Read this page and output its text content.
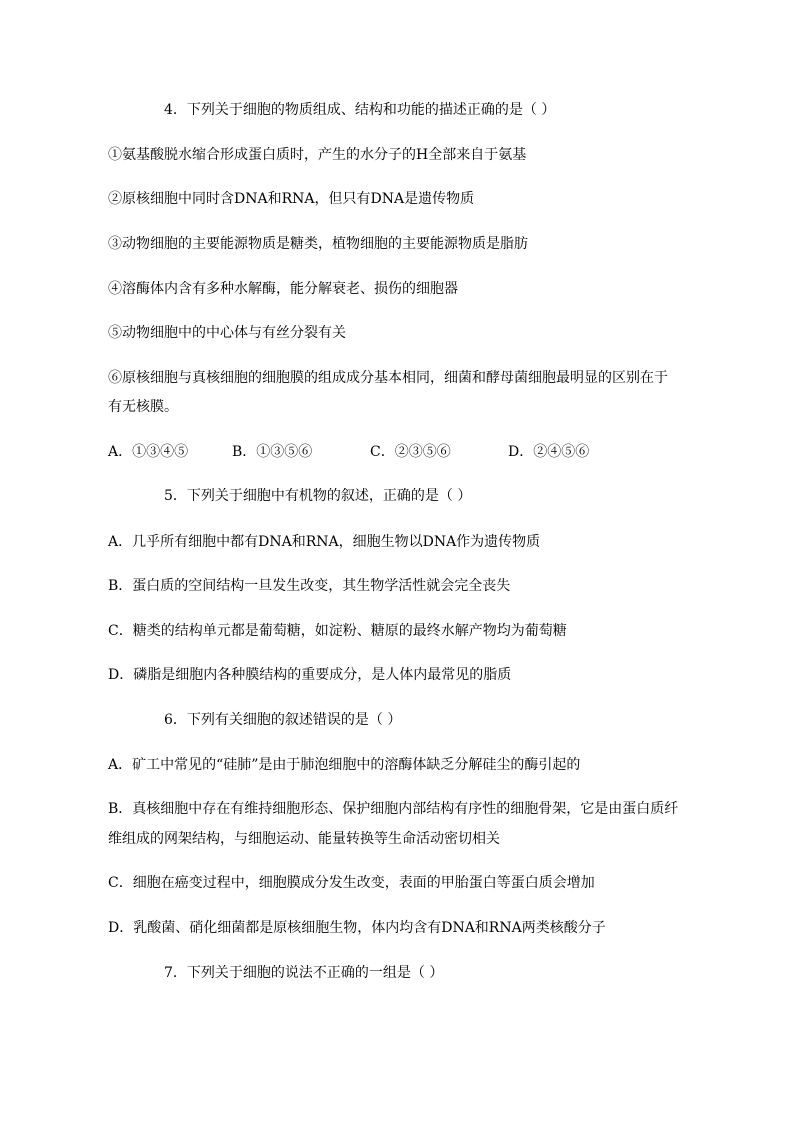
4．下列关于细胞的物质组成、结构和功能的描述正确的是（ ）
①氨基酸脱水缩合形成蛋白质时，产生的水分子的H全部来自于氨基
②原核细胞中同时含DNA和RNA，但只有DNA是遗传物质
③动物细胞的主要能源物质是糖类，植物细胞的主要能源物质是脂肪
④溶酶体内含有多种水解酶，能分解衰老、损伤的细胞器
⑤动物细胞中的中心体与有丝分裂有关
⑥原核细胞与真核细胞的细胞膜的组成成分基本相同，细菌和酵母菌细胞最明显的区别在于
有无核膜。
A．①③④⑤	B．①③⑤⑥	C．②③⑤⑥	D．②④⑤⑥
5．下列关于细胞中有机物的叙述，正确的是（ ）
A．几乎所有细胞中都有DNA和RNA，细胞生物以DNA作为遗传物质
B．蛋白质的空间结构一旦发生改变，其生物学活性就会完全丧失
C．糖类的结构单元都是葡萄糖，如淀粉、糖原的最终水解产物均为葡萄糖
D．磷脂是细胞内各种膜结构的重要成分，是人体内最常见的脂质
6．下列有关细胞的叙述错误的是（ ）
A．矿工中常见的“硅肺”是由于肺泡细胞中的溶酶体缺乏分解硅尘的酶引起的
B．真核细胞中存在有维持细胞形态、保护细胞内部结构有序性的细胞骨架，它是由蛋白质纤
维组成的网架结构，与细胞运动、能量转换等生命活动密切相关
C．细胞在癌变过程中，细胞膜成分发生改变，表面的甲胎蛋白等蛋白质会增加
D．乳酸菌、硝化细菌都是原核细胞生物，体内均含有DNA和RNA两类核酸分子
7．下列关于细胞的说法不正确的一组是（ ）
